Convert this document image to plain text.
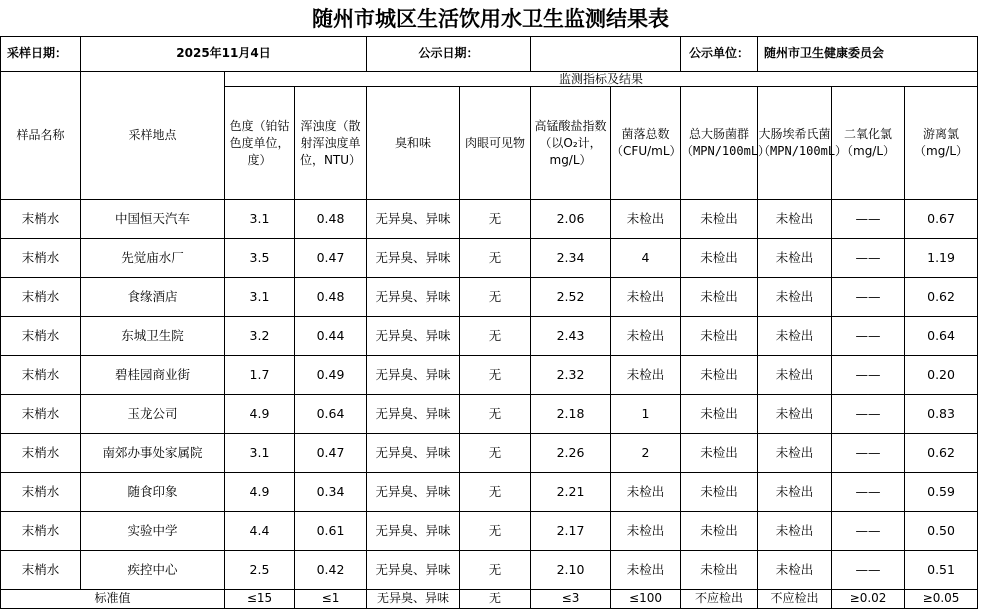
随州市城区生活饮用水卫生监测结果表
采样日期：	2025年11月4日			公示日期：				公示单位：	随州市卫生健康委员会		
样品名称	采样地点	监测指标及结果									
		色度（铂钴色度单位，度）	浑浊度（散射浑浊度单位，NTU）	臭和味	肉眼可见物	高锰酸盐指数（以O₂计，mg/L）	菌落总数（CFU/mL）	总大肠菌群（MPN/100mL）	大肠埃希氏菌（MPN/100mL）	二氧化氯（mg/L）	游离氯（mg/L）
末梢水	中国恒天汽车	3.1	0.48	无异臭、异味	无	2.06	未检出	未检出	未检出	——	0.67
末梢水	先觉庙水厂	3.5	0.47	无异臭、异味	无	2.34	4	未检出	未检出	——	1.19
末梢水	食缘酒店	3.1	0.48	无异臭、异味	无	2.52	未检出	未检出	未检出	——	0.62
末梢水	东城卫生院	3.2	0.44	无异臭、异味	无	2.43	未检出	未检出	未检出	——	0.64
末梢水	碧桂园商业街	1.7	0.49	无异臭、异味	无	2.32	未检出	未检出	未检出	——	0.20
末梢水	玉龙公司	4.9	0.64	无异臭、异味	无	2.18	1	未检出	未检出	——	0.83
末梢水	南郊办事处家属院	3.1	0.47	无异臭、异味	无	2.26	2	未检出	未检出	——	0.62
末梢水	随食印象	4.9	0.34	无异臭、异味	无	2.21	未检出	未检出	未检出	——	0.59
末梢水	实验中学	4.4	0.61	无异臭、异味	无	2.17	未检出	未检出	未检出	——	0.50
末梢水	疾控中心	2.5	0.42	无异臭、异味	无	2.10	未检出	未检出	未检出	——	0.51
标准值		≤15	≤1	无异臭、异味	无	≤3	≤100	不应检出	不应检出	≥0.02	≥0.05
